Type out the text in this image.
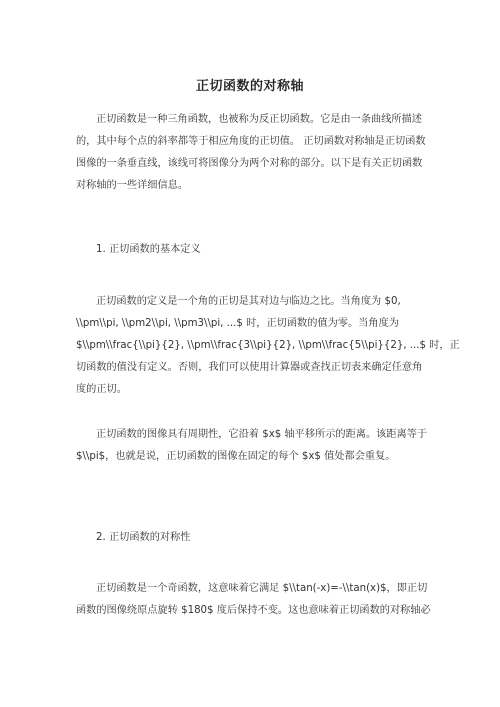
正切函数的对称轴
正切函数是一种三角函数，也被称为反正切函数。它是由一条曲线所描述
的，其中每个点的斜率都等于相应角度的正切值。 正切函数对称轴是正切函数
图像的一条垂直线，该线可将图像分为两个对称的部分。以下是有关正切函数
对称轴的一些详细信息。
1. 正切函数的基本定义
正切函数的定义是一个角的正切是其对边与临边之比。当角度为 $0,
\\pm\\pi, \\pm2\\pi, \\pm3\\pi, ...$ 时，正切函数的值为零。当角度为
$\\pm\\frac{\\pi}{2}, \\pm\\frac{3\\pi}{2}, \\pm\\frac{5\\pi}{2}, ...$ 时，正
切函数的值没有定义。否则，我们可以使用计算器或查找正切表来确定任意角
度的正切。
正切函数的图像具有周期性，它沿着 $x$ 轴平移所示的距离。该距离等于
$\\pi$，也就是说，正切函数的图像在固定的每个 $x$ 值处都会重复。
2. 正切函数的对称性
正切函数是一个奇函数，这意味着它满足 $\\tan(-x)=-\\tan(x)$，即正切
函数的图像绕原点旋转 $180$ 度后保持不变。这也意味着正切函数的对称轴必
